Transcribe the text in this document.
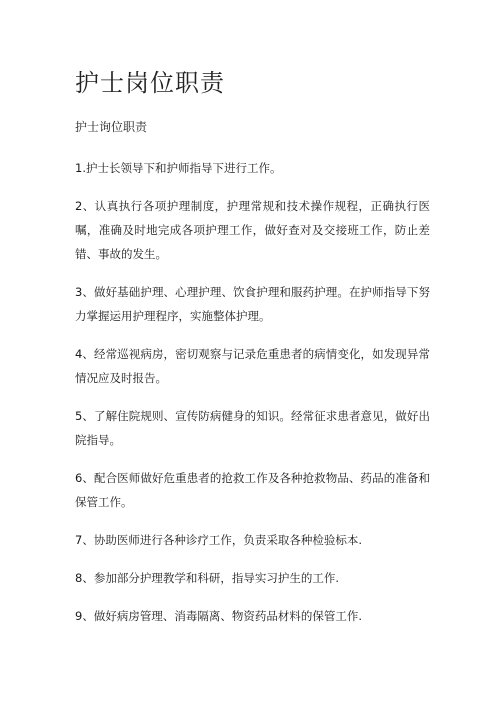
护士岗位职责

护士询位职责

1.护士长领导下和护师指导下进行工作。
2、认真执行各项护理制度，护理常规和技术操作规程，正确执行医嘱，准确及时地完成各项护理工作，做好查对及交接班工作，防止差错、事故的发生。
3、做好基础护理、心理护理、饮食护理和服药护理。在护师指导下努力掌握运用护理程序，实施整体护理。
4、经常巡视病房，密切观察与记录危重患者的病情变化，如发现异常情况应及时报告。
5、了解住院规则、宣传防病健身的知识。经常征求患者意见，做好出院指导。
6、配合医师做好危重患者的抢救工作及各种抢救物品、药品的准备和保管工作。
7、协助医师进行各种诊疗工作，负责采取各种检验标本.
8、参加部分护理教学和科研，指导实习护生的工作.
9、做好病房管理、消毒隔离、物资药品材料的保管工作.
